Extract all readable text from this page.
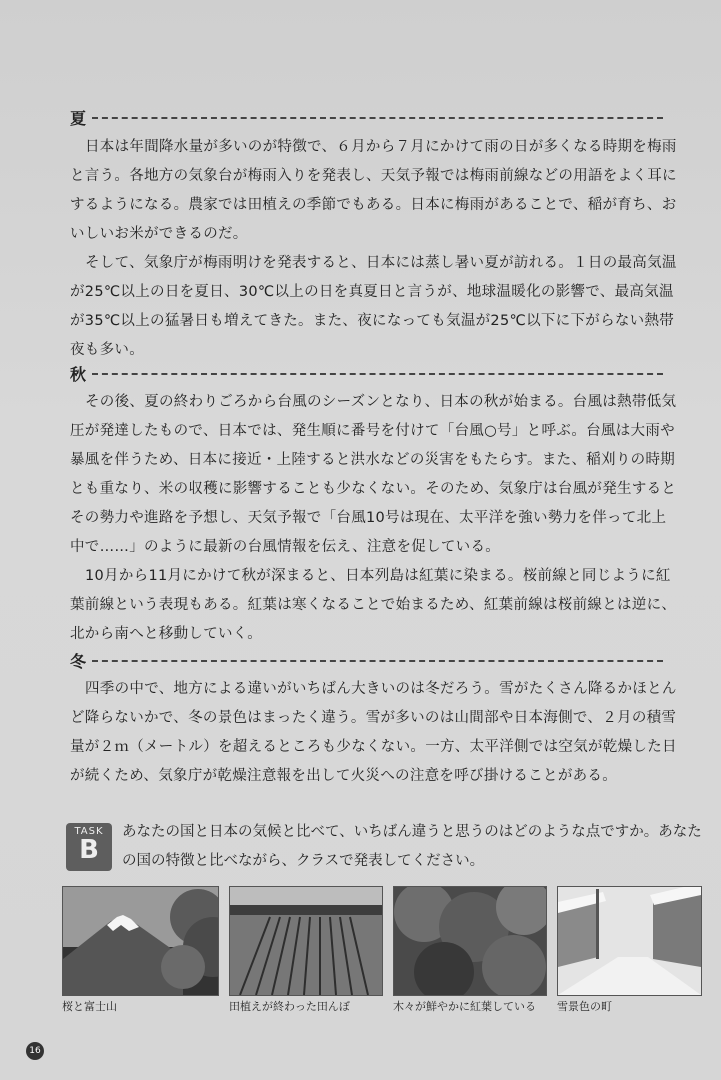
夏
日本は年間降水量が多いのが特徴で、６月から７月にかけて雨の日が多くなる時期を梅雨
と言う。各地方の気象台が梅雨入りを発表し、天気予報では梅雨前線などの用語をよく耳に
するようになる。農家では田植えの季節でもある。日本に梅雨があることで、稲が育ち、お
いしいお米ができるのだ。
そして、気象庁が梅雨明けを発表すると、日本には蒸し暑い夏が訪れる。１日の最高気温
が25℃以上の日を夏日、30℃以上の日を真夏日と言うが、地球温暖化の影響で、最高気温
が35℃以上の猛暑日も増えてきた。また、夜になっても気温が25℃以下に下がらない熱帯
夜も多い。
秋
その後、夏の終わりごろから台風のシーズンとなり、日本の秋が始まる。台風は熱帯低気
圧が発達したもので、日本では、発生順に番号を付けて「台風○号」と呼ぶ。台風は大雨や
暴風を伴うため、日本に接近・上陸すると洪水などの災害をもたらす。また、稲刈りの時期
とも重なり、米の収穫に影響することも少なくない。そのため、気象庁は台風が発生すると
その勢力や進路を予想し、天気予報で「台風10号は現在、太平洋を強い勢力を伴って北上
中で……」のように最新の台風情報を伝え、注意を促している。
10月から11月にかけて秋が深まると、日本列島は紅葉に染まる。桜前線と同じように紅
葉前線という表現もある。紅葉は寒くなることで始まるため、紅葉前線は桜前線とは逆に、
北から南へと移動していく。
冬
四季の中で、地方による違いがいちばん大きいのは冬だろう。雪がたくさん降るかほとん
ど降らないかで、冬の景色はまったく違う。雪が多いのは山間部や日本海側で、２月の積雪
量が２ｍ（メートル）を超えるところも少なくない。一方、太平洋側では空気が乾燥した日
が続くため、気象庁が乾燥注意報を出して火災への注意を呼び掛けることがある。
TASK
B
あなたの国と日本の気候と比べて、いちばん違うと思うのはどのような点ですか。あなた
の国の特徴と比べながら、クラスで発表してください。
桜と富士山	田植えが終わった田んぼ	木々が鮮やかに紅葉している 雪景色の町
16
